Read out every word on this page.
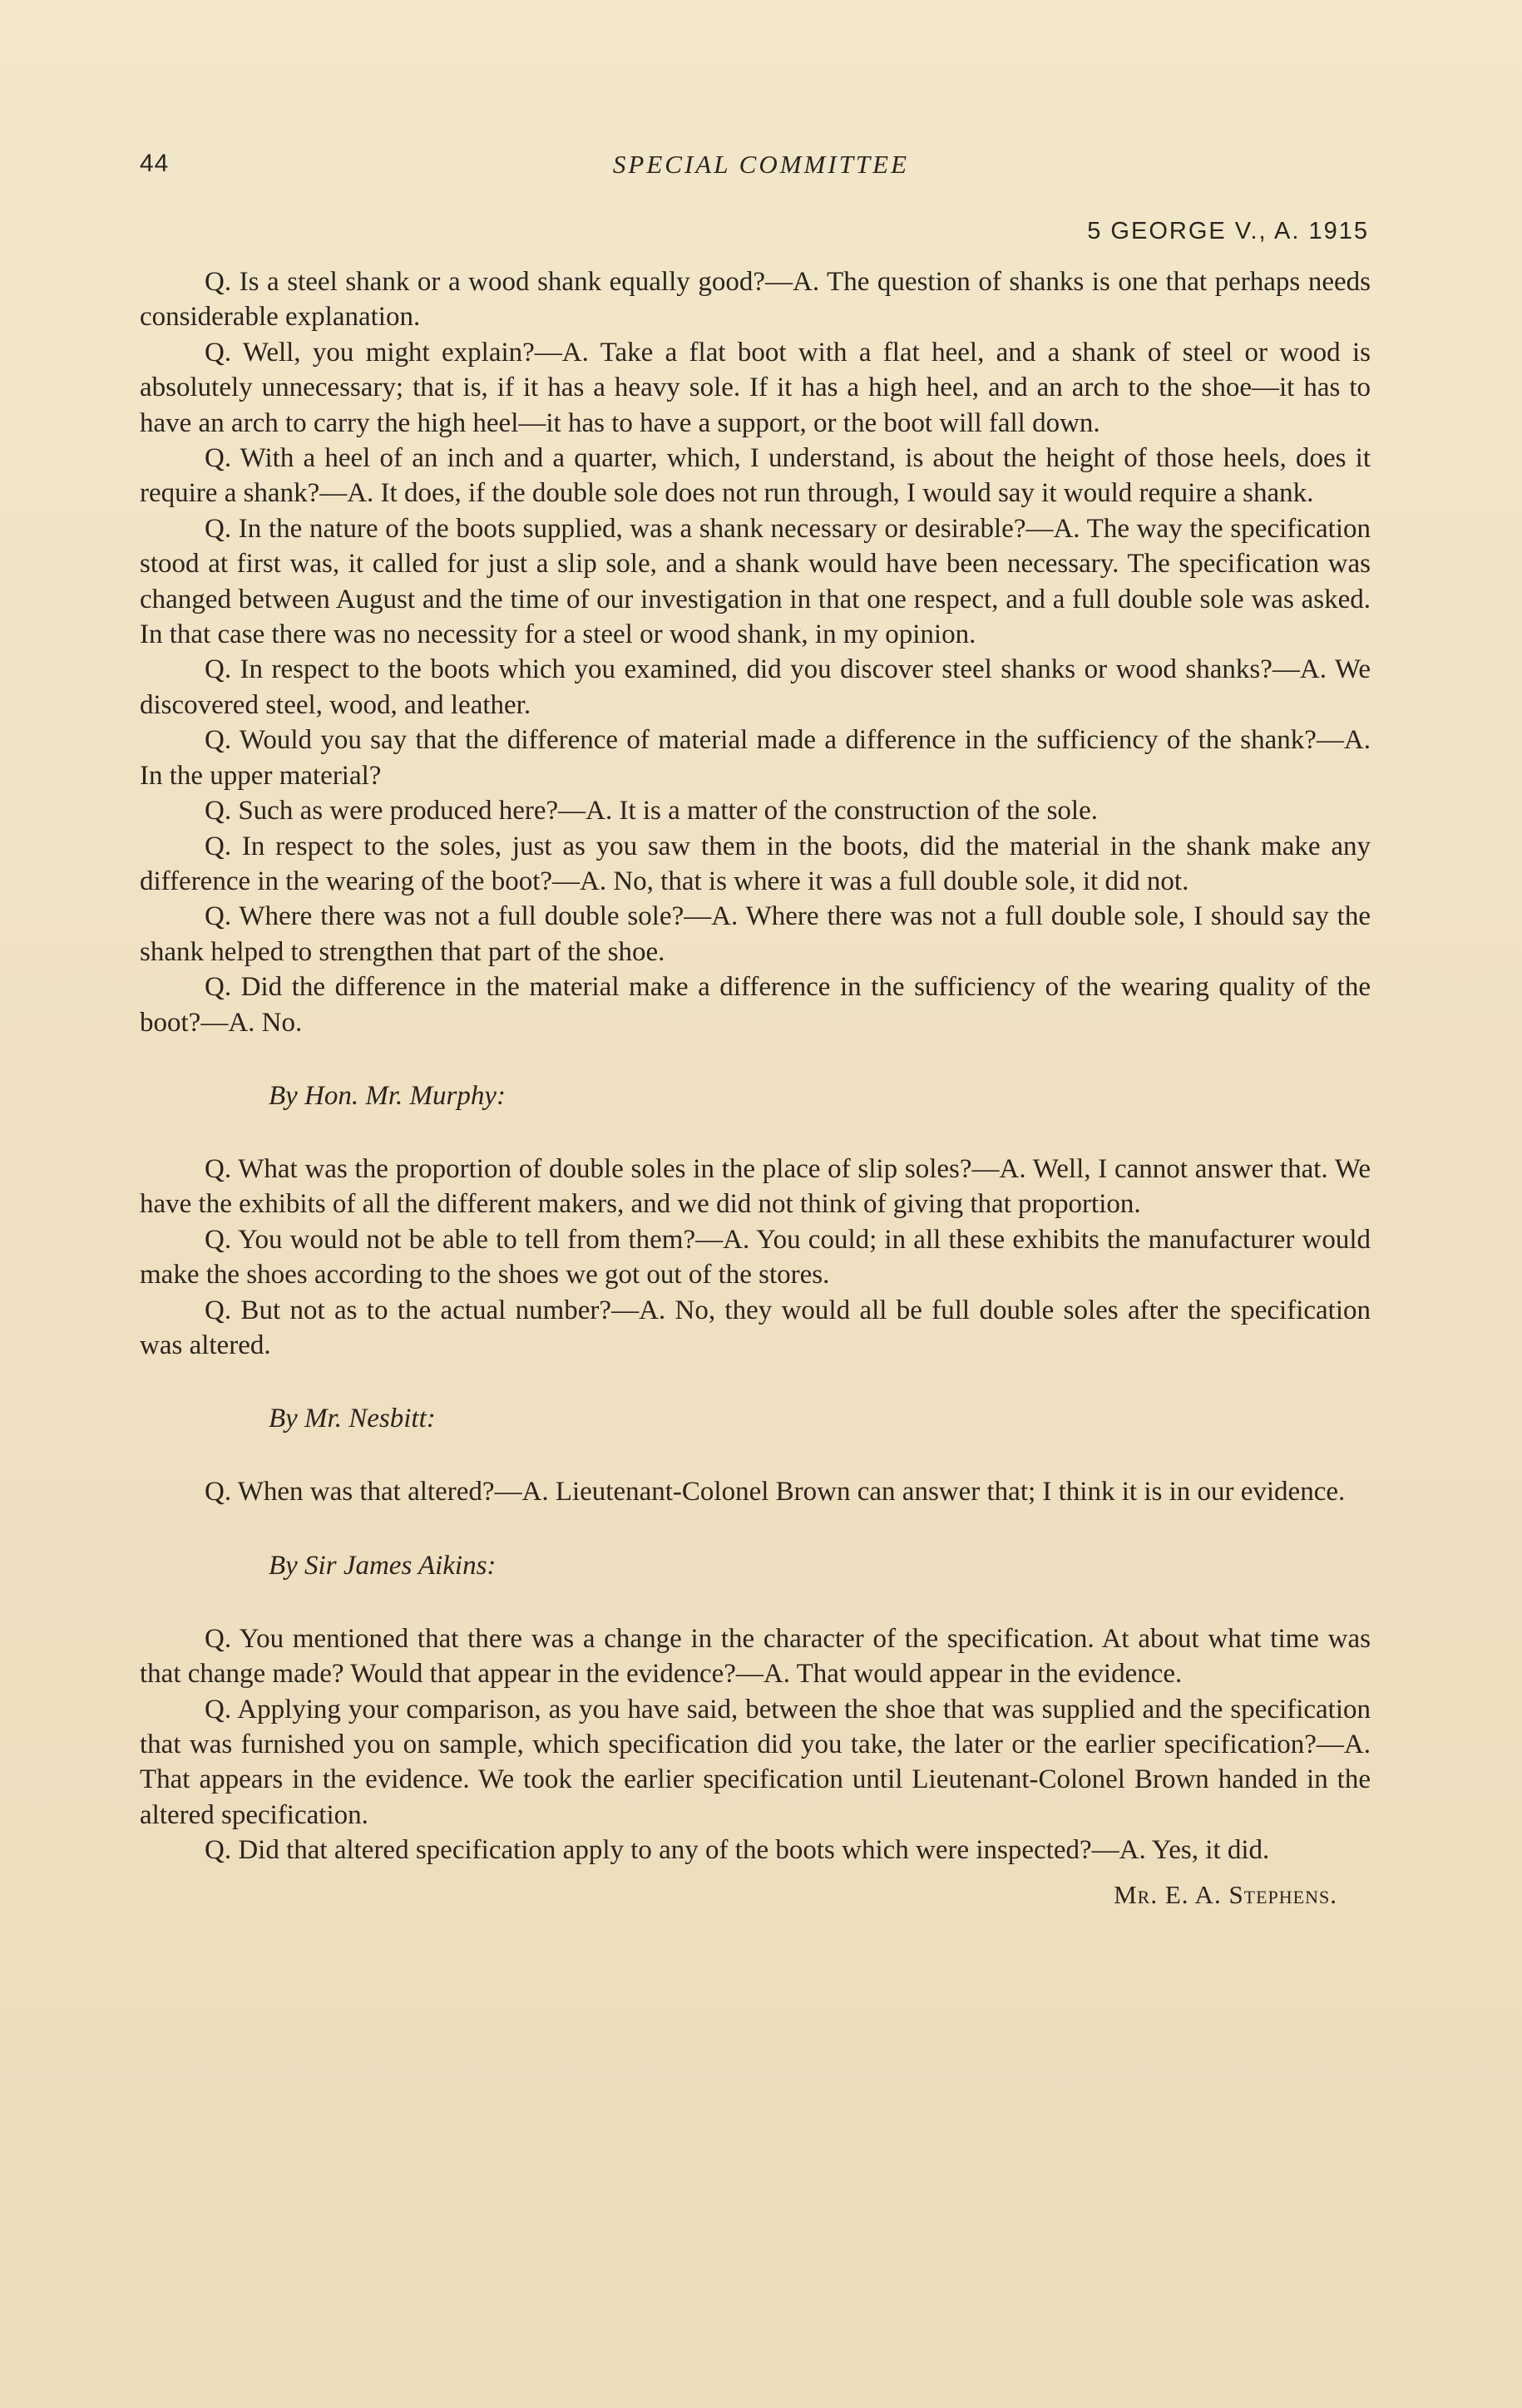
44	SPECIAL COMMITTEE
5 GEORGE V., A. 1915

Q. Is a steel shank or a wood shank equally good?—A. The question of shanks is one that perhaps needs considerable explanation.

Q. Well, you might explain?—A. Take a flat boot with a flat heel, and a shank of steel or wood is absolutely unnecessary; that is, if it has a heavy sole. If it has a high heel, and an arch to the shoe—it has to have an arch to carry the high heel—it has to have a support, or the boot will fall down.

Q. With a heel of an inch and a quarter, which, I understand, is about the height of those heels, does it require a shank?—A. It does, if the double sole does not run through, I would say it would require a shank.

Q. In the nature of the boots supplied, was a shank necessary or desirable?—A. The way the specification stood at first was, it called for just a slip sole, and a shank would have been necessary. The specification was changed between August and the time of our investigation in that one respect, and a full double sole was asked. In that case there was no necessity for a steel or wood shank, in my opinion.

Q. In respect to the boots which you examined, did you discover steel shanks or wood shanks?—A. We discovered steel, wood, and leather.

Q. Would you say that the difference of material made a difference in the sufficiency of the shank?—A. In the upper material?

Q. Such as were produced here?—A. It is a matter of the construction of the sole.

Q. In respect to the soles, just as you saw them in the boots, did the material in the shank make any difference in the wearing of the boot?—A. No, that is where it was a full double sole, it did not.

Q. Where there was not a full double sole?—A. Where there was not a full double sole, I should say the shank helped to strengthen that part of the shoe.

Q. Did the difference in the material make a difference in the sufficiency of the wearing quality of the boot?—A. No.

By Hon. Mr. Murphy:

Q. What was the proportion of double soles in the place of slip soles?—A. Well, I cannot answer that. We have the exhibits of all the different makers, and we did not think of giving that proportion.

Q. You would not be able to tell from them?—A. You could; in all these exhibits the manufacturer would make the shoes according to the shoes we got out of the stores.

Q. But not as to the actual number?—A. No, they would all be full double soles after the specification was altered.

By Mr. Nesbitt:

Q. When was that altered?—A. Lieutenant-Colonel Brown can answer that; I think it is in our evidence.

By Sir James Aikins:

Q. You mentioned that there was a change in the character of the specification. At about what time was that change made? Would that appear in the evidence?—A. That would appear in the evidence.

Q. Applying your comparison, as you have said, between the shoe that was supplied and the specification that was furnished you on sample, which specification did you take, the later or the earlier specification?—A. That appears in the evidence. We took the earlier specification until Lieutenant-Colonel Brown handed in the altered specification.

Q. Did that altered specification apply to any of the boots which were inspected?—A. Yes, it did.

Mr. E. A. Stephens.
